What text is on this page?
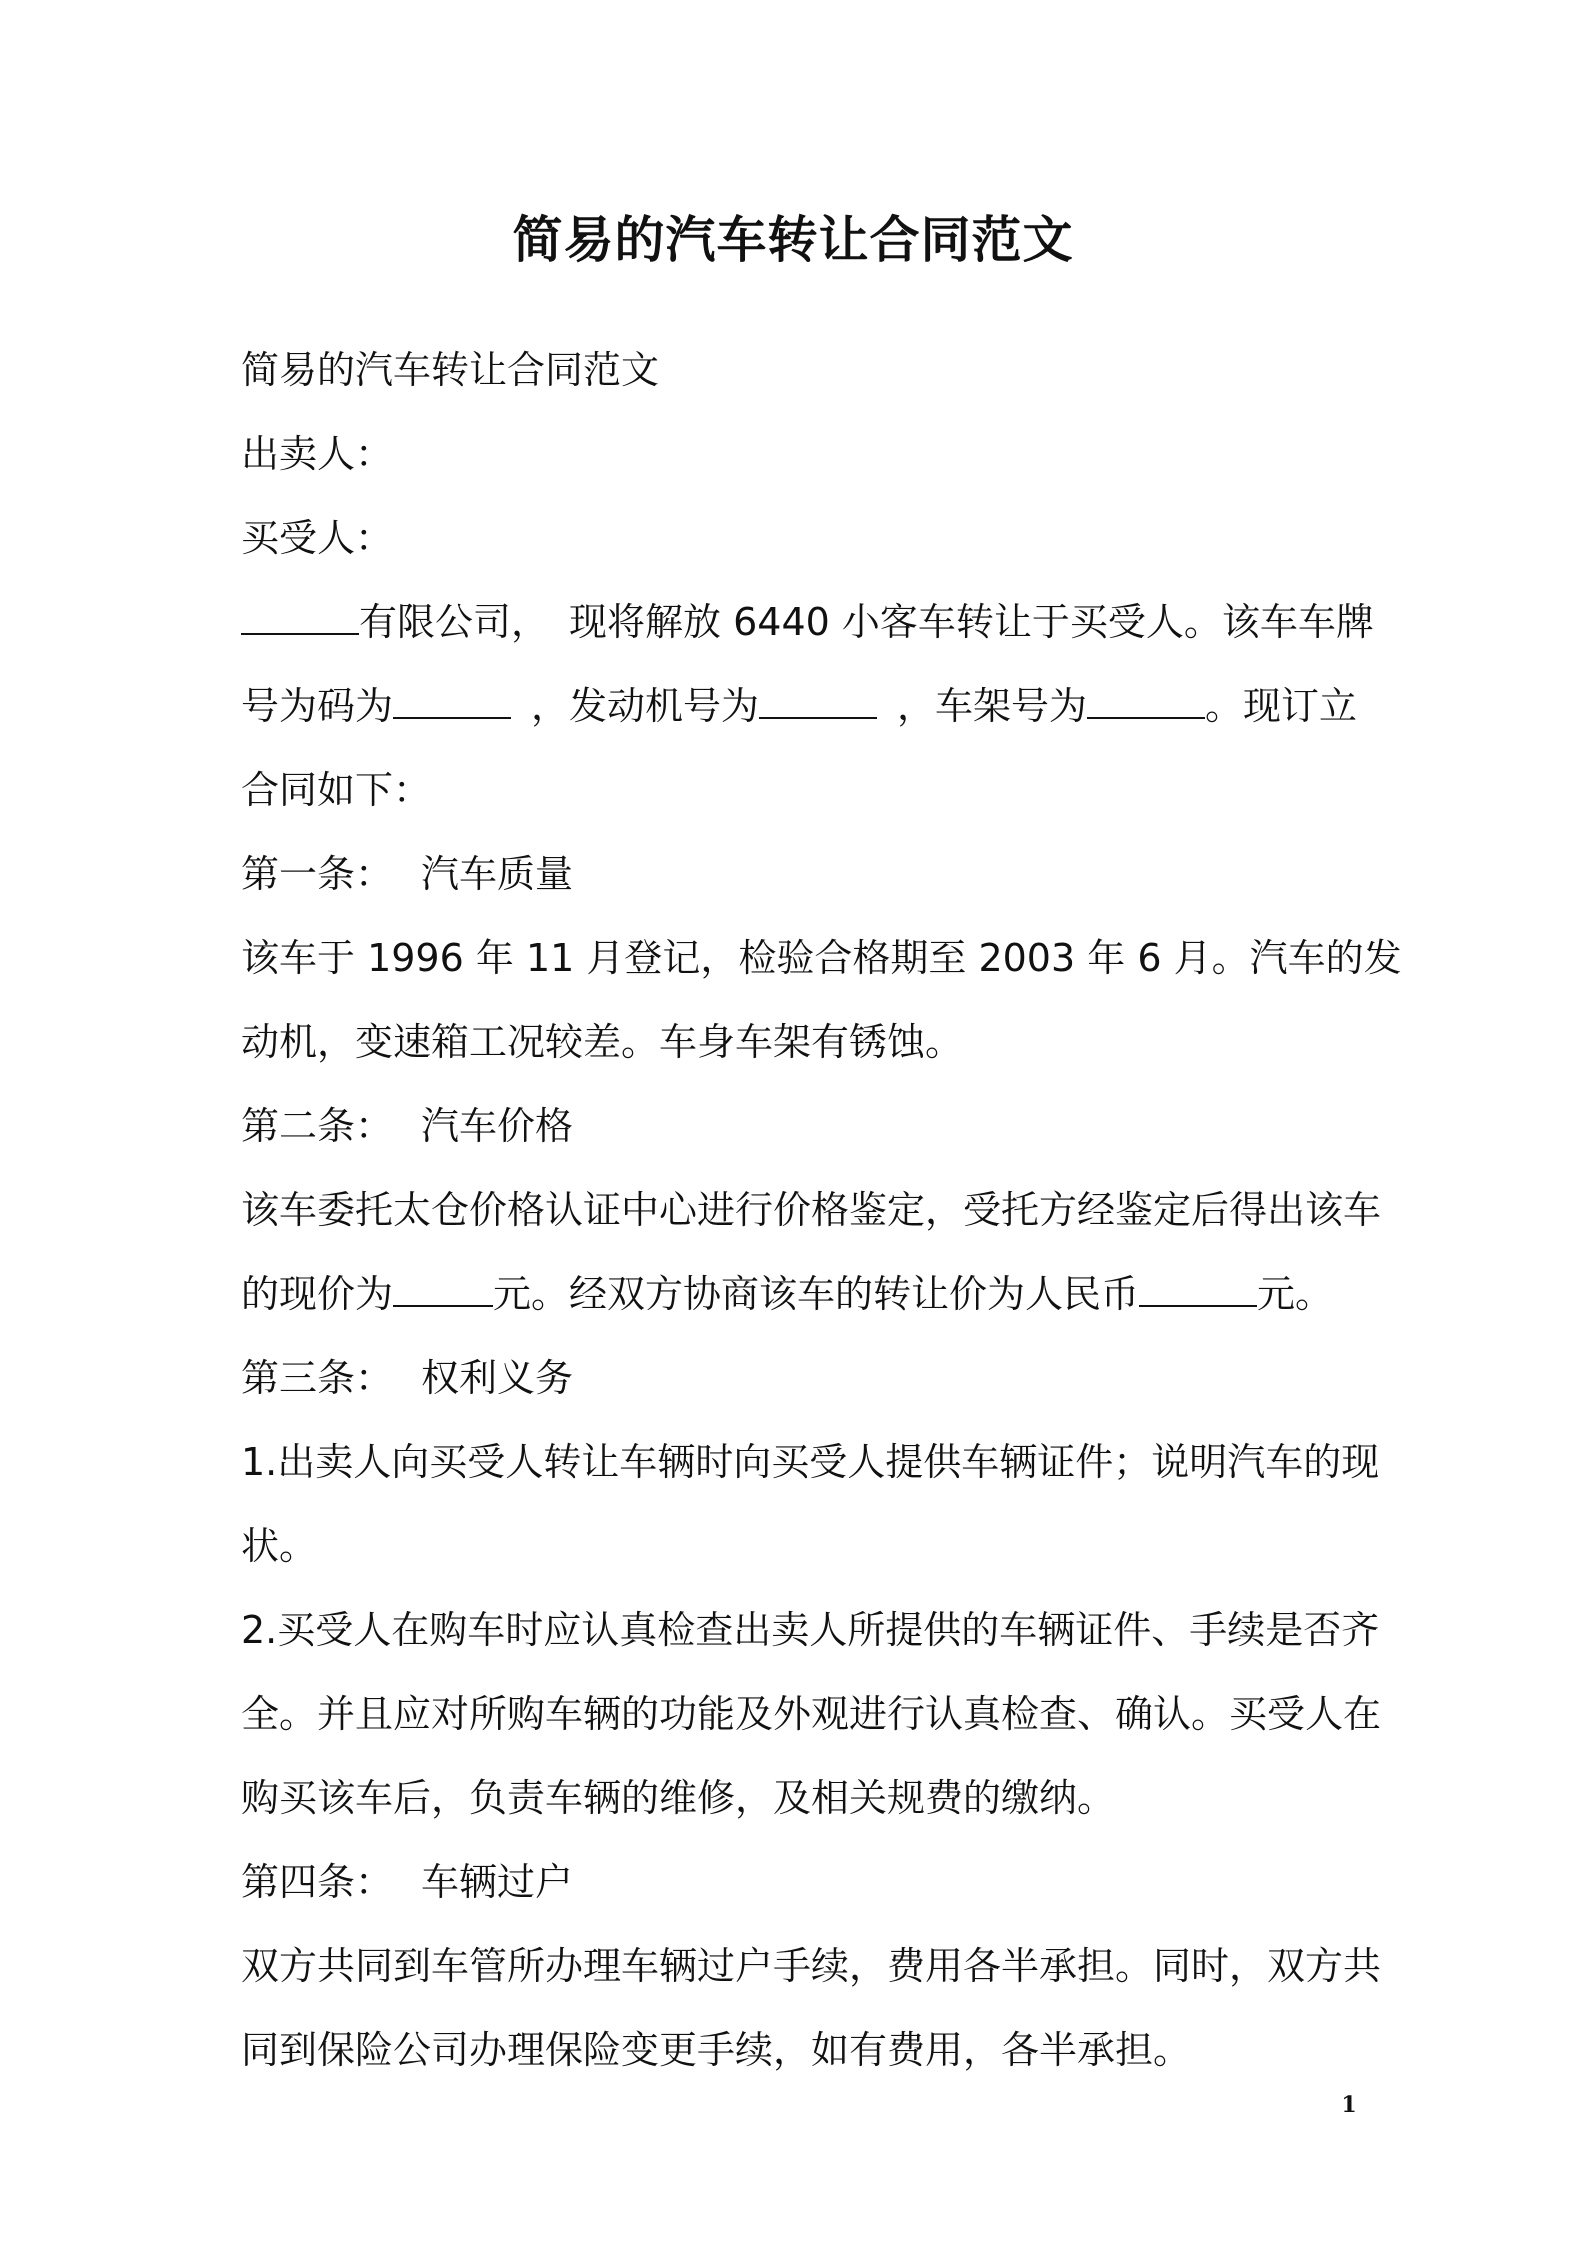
简易的汽车转让合同范文
简易的汽车转让合同范文
出卖人：
买受人：
有限公司， 现将解放 6440 小客车转让于买受人。该车车牌
号为码为	，发动机号为	，车架号为	。现订立
合同如下：
第一条： 汽车质量
该车于 1996 年 11 月登记，检验合格期至 2003 年 6 月。汽车的发
动机，变速箱工况较差。车身车架有锈蚀。
第二条： 汽车价格
该车委托太仓价格认证中心进行价格鉴定，受托方经鉴定后得出该车
的现价为	元。经双方协商该车的转让价为人民币	元。
第三条： 权利义务
1.出卖人向买受人转让车辆时向买受人提供车辆证件；说明汽车的现
状。
2.买受人在购车时应认真检查出卖人所提供的车辆证件、手续是否齐
全。并且应对所购车辆的功能及外观进行认真检查、确认。买受人在
购买该车后，负责车辆的维修，及相关规费的缴纳。
第四条： 车辆过户
双方共同到车管所办理车辆过户手续，费用各半承担。同时，双方共
同到保险公司办理保险变更手续，如有费用，各半承担。
1
